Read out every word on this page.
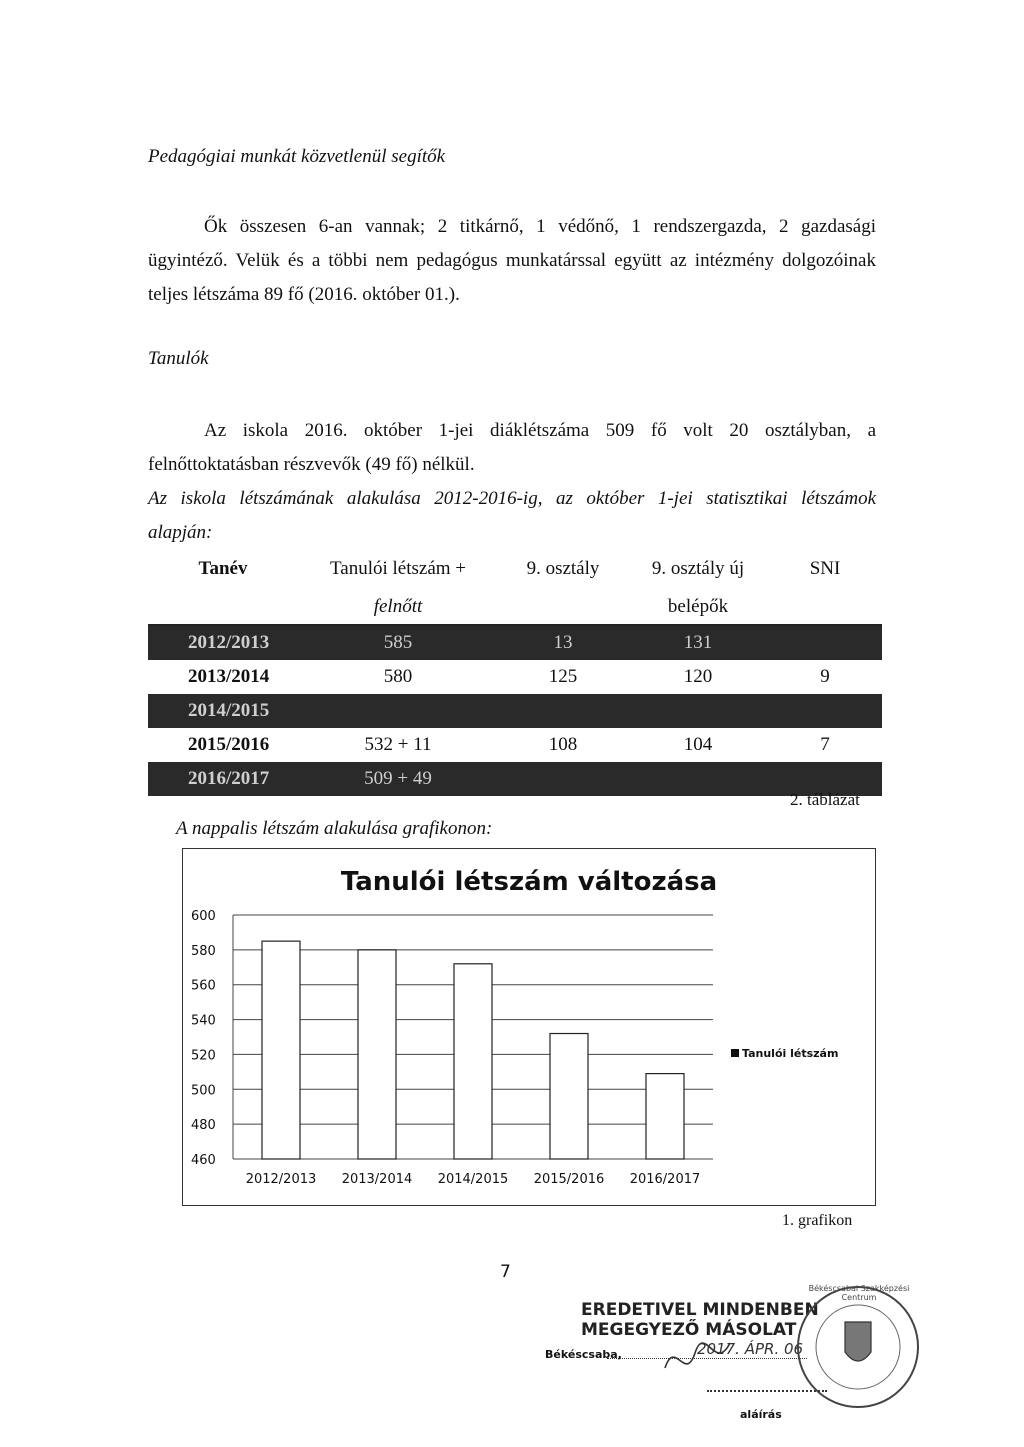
Pedagógiai munkát közvetlenül segítők
Ők összesen 6-an vannak; 2 titkárnő, 1 védőnő, 1 rendszergazda, 2 gazdasági
ügyintéző. Velük és a többi nem pedagógus munkatárssal együtt az intézmény dolgozóinak
teljes létszáma 89 fő (2016. október 01.).
Tanulók
Az iskola 2016. október 1-jei diáklétszáma 509 fő volt 20 osztályban, a
felnőttoktatásban részvevők (49 fő) nélkül.
Az iskola létszámának alakulása 2012-2016-ig, az október 1-jei statisztikai létszámok
alapján:
Tanév	Tanulói létszám +	9. osztály	9. osztály új	SNI
	felnőtt		belépők	
2012/2013	585	13	131	
2013/2014	580	125	120	9
2014/2015				
2015/2016	532 + 11	108	104	7
2016/2017	509 + 49			
2. táblázat
A nappalis létszám alakulása grafikonon:
Tanulói létszám változása
600
580
560
540
520
500
480
460
2012/2013 2013/2014 2014/2015 2015/2016 2016/2017
Tanulói létszám
1. grafikon
7
EREDETIVEL MINDENBEN
MEGEGYEZŐ MÁSOLAT
Békéscsaba,	2017. ÁPR. 06
aláírás
Békéscsabai Szakképzési Centrum
